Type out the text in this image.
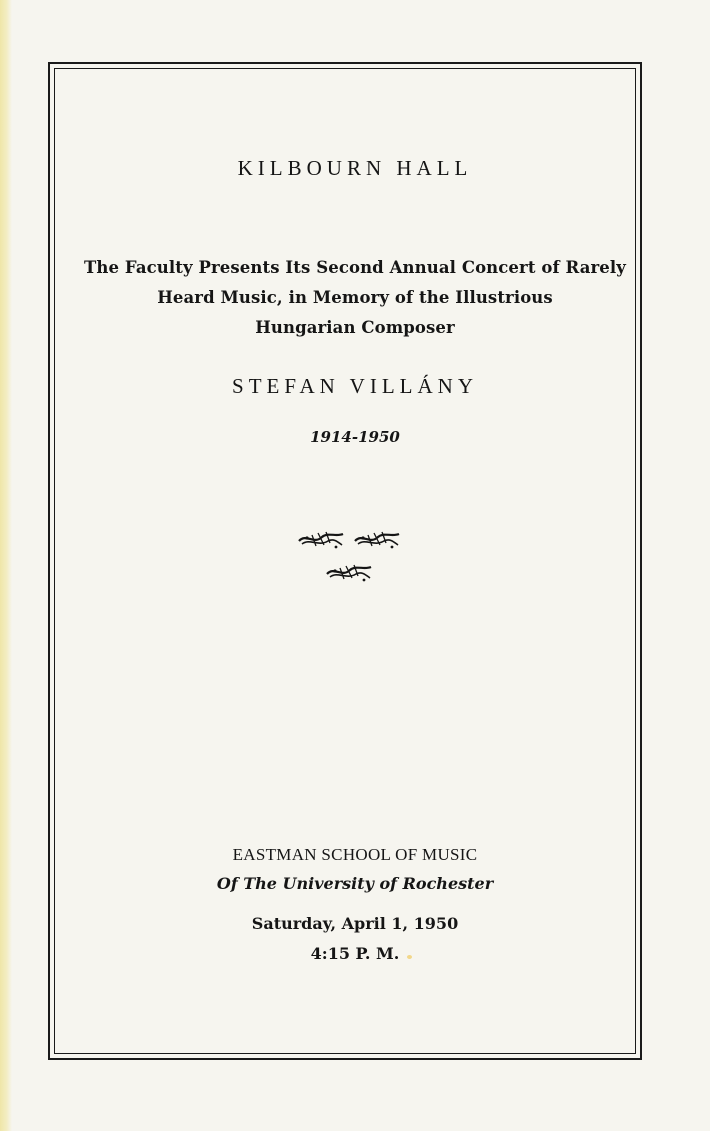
KILBOURN HALL
The Faculty Presents Its Second Annual Concert of Rarely
Heard Music, in Memory of the Illustrious
Hungarian Composer
STEFAN VILLÁNY
1914-1950
EASTMAN SCHOOL OF MUSIC
Of The University of Rochester
Saturday, April 1, 1950
4:15 P. M.
